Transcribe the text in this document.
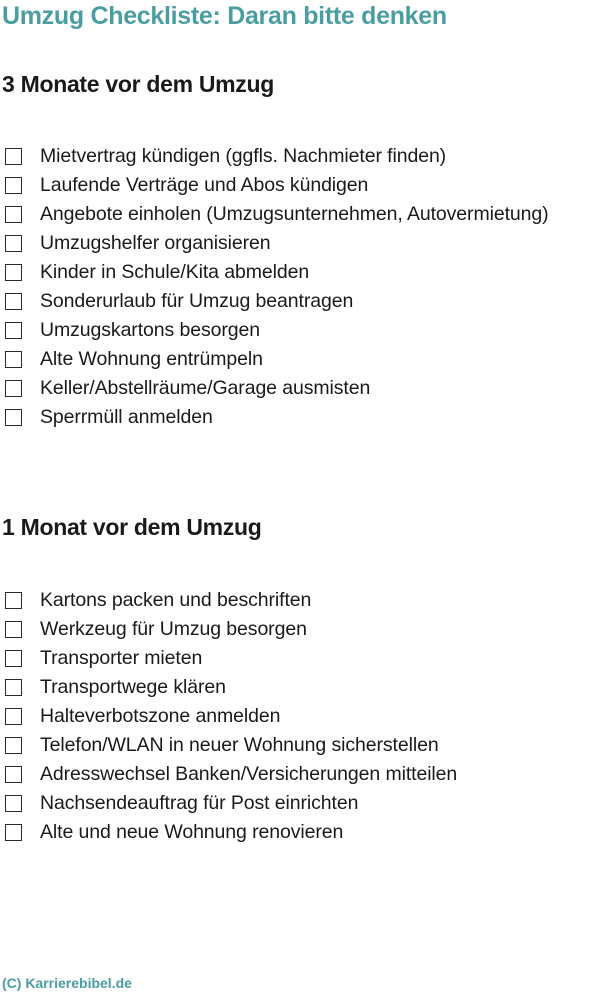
Umzug Checkliste: Daran bitte denken
3 Monate vor dem Umzug
Mietvertrag kündigen (ggfls. Nachmieter finden)
Laufende Verträge und Abos kündigen
Angebote einholen (Umzugsunternehmen, Autovermietung)
Umzugshelfer organisieren
Kinder in Schule/Kita abmelden
Sonderurlaub für Umzug beantragen
Umzugskartons besorgen
Alte Wohnung entrümpeln
Keller/Abstellräume/Garage ausmisten
Sperrmüll anmelden
1 Monat vor dem Umzug
Kartons packen und beschriften
Werkzeug für Umzug besorgen
Transporter mieten
Transportwege klären
Halteverbotszone anmelden
Telefon/WLAN in neuer Wohnung sicherstellen
Adresswechsel Banken/Versicherungen mitteilen
Nachsendeauftrag für Post einrichten
Alte und neue Wohnung renovieren

(C) Karrierebibel.de
